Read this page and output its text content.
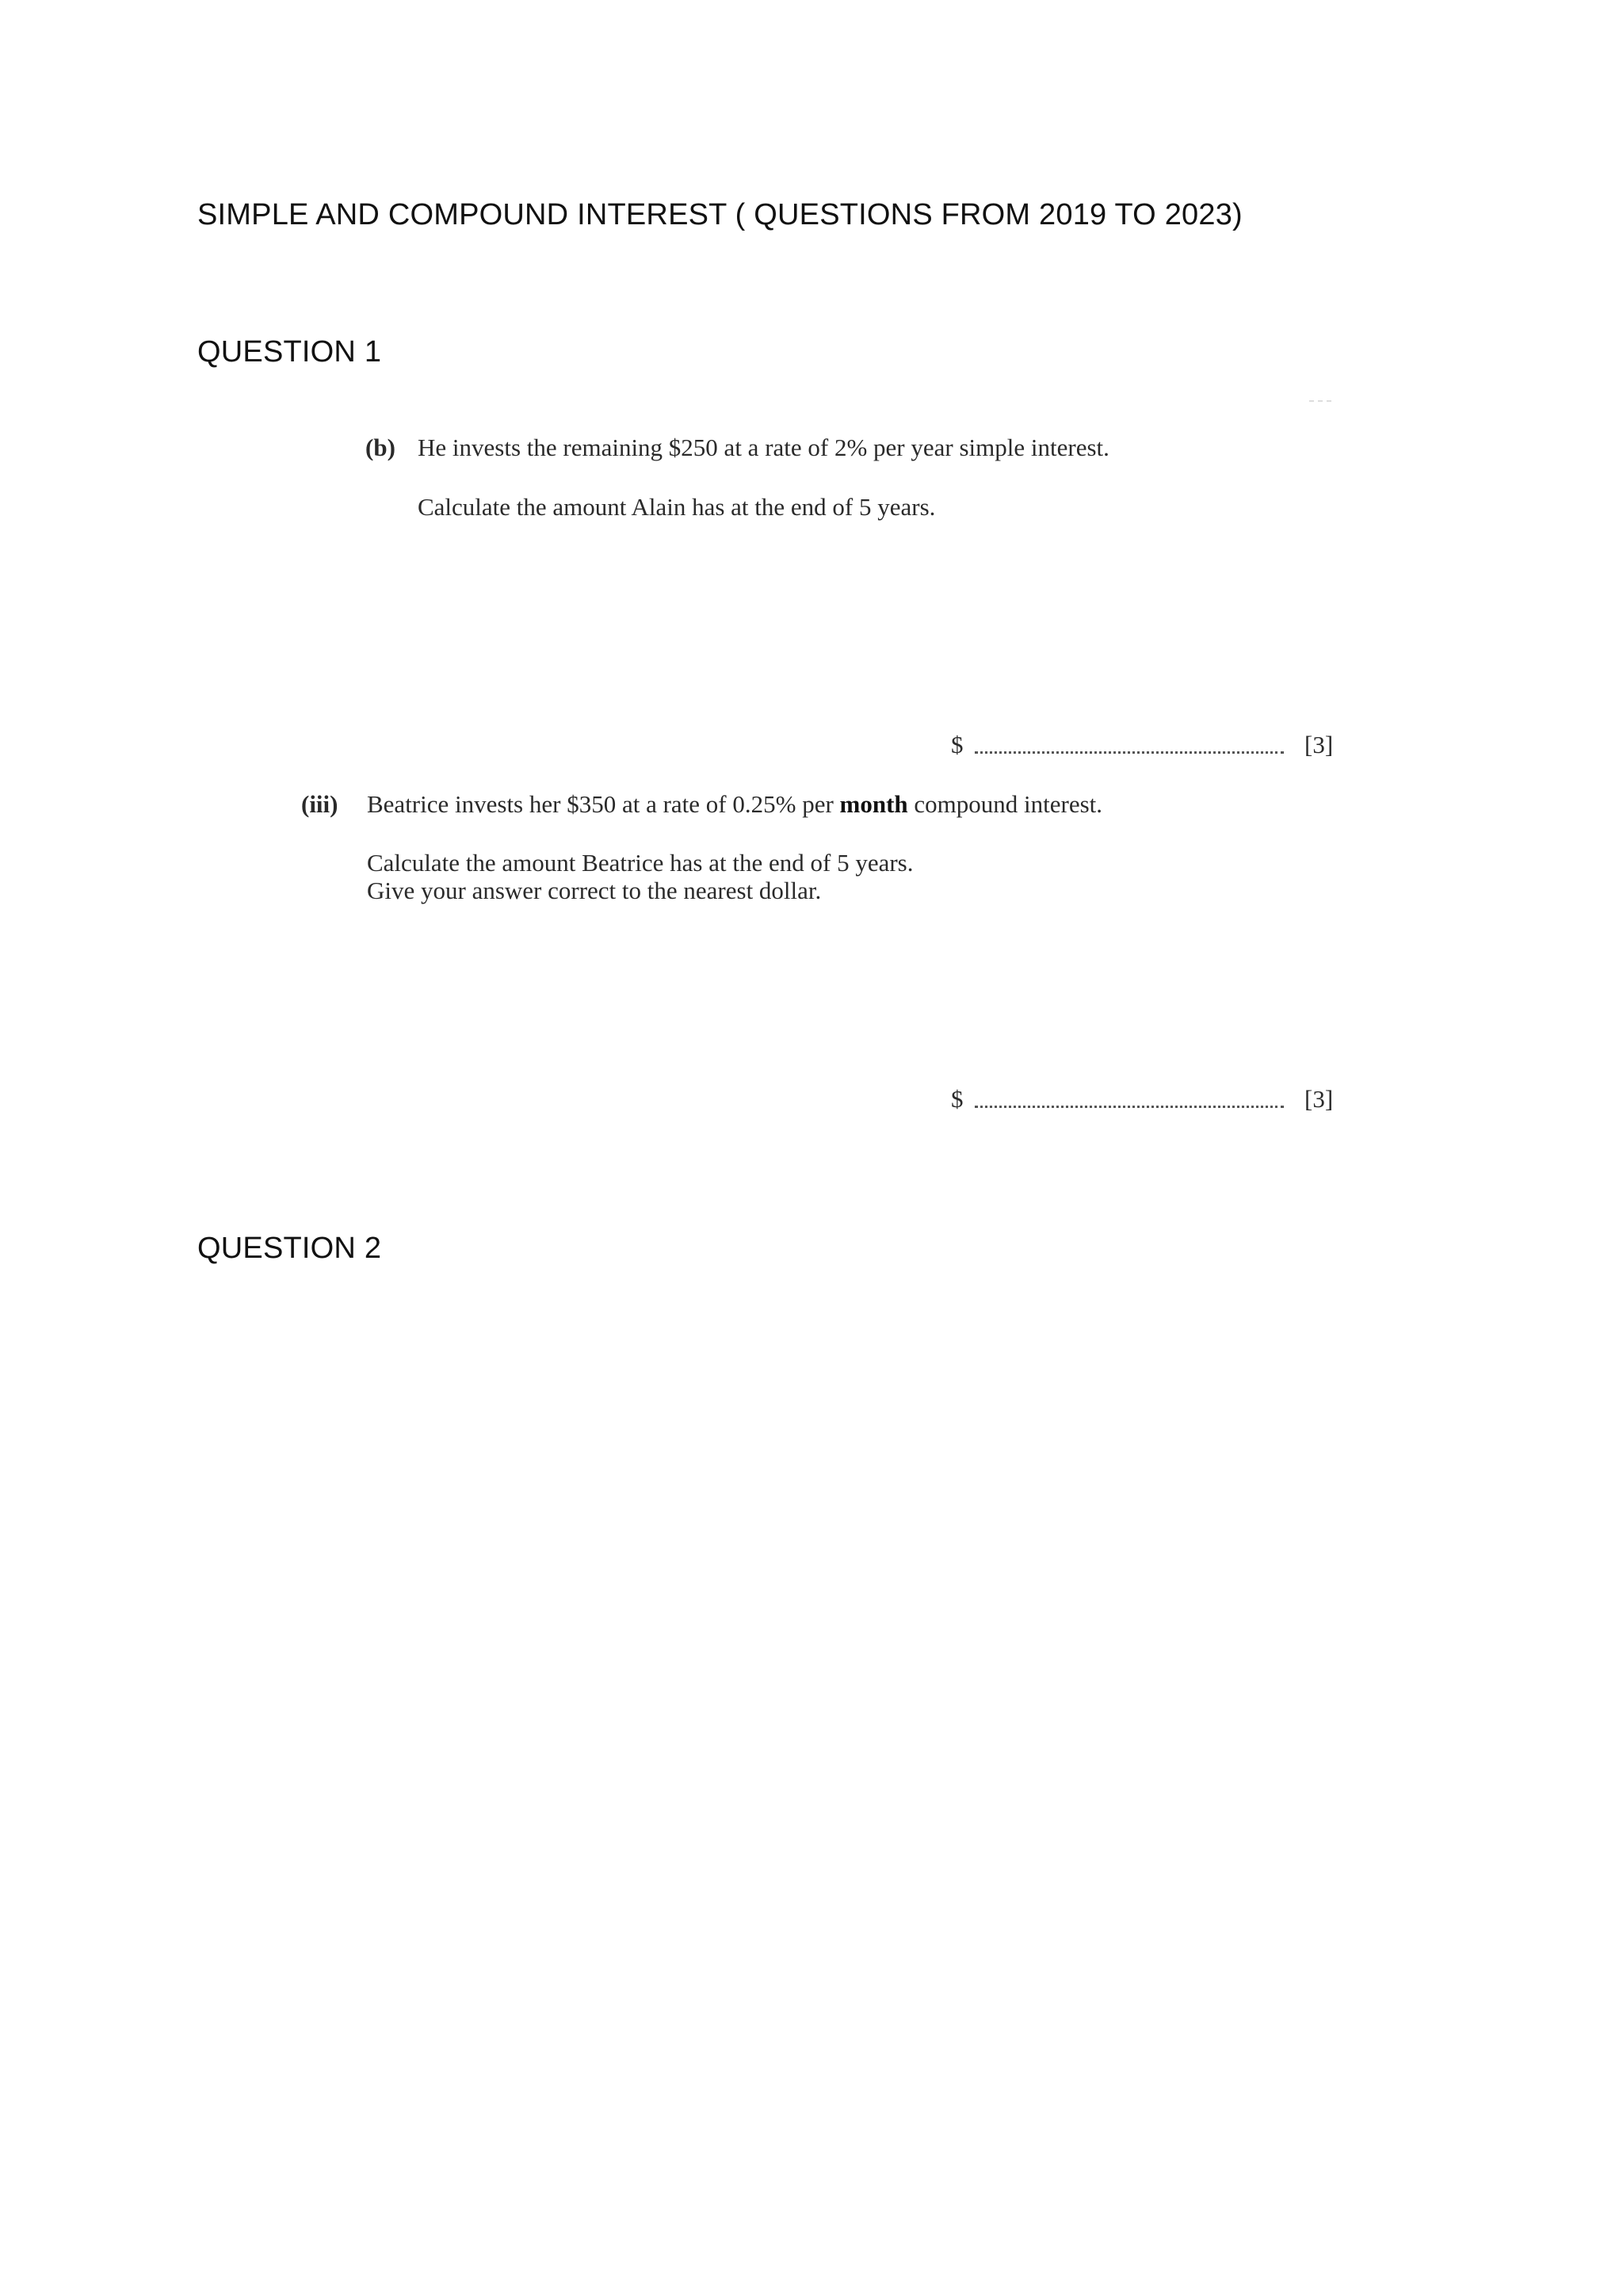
SIMPLE AND COMPOUND INTEREST ( QUESTIONS FROM 2019 TO 2023)
QUESTION 1
(b) He invests the remaining $250 at a rate of 2% per year simple interest.
Calculate the amount Alain has at the end of 5 years.
$	[3]
(iii) Beatrice invests her $350 at a rate of 0.25% per month compound interest.
Calculate the amount Beatrice has at the end of 5 years.
Give your answer correct to the nearest dollar.
$	[3]
QUESTION 2
